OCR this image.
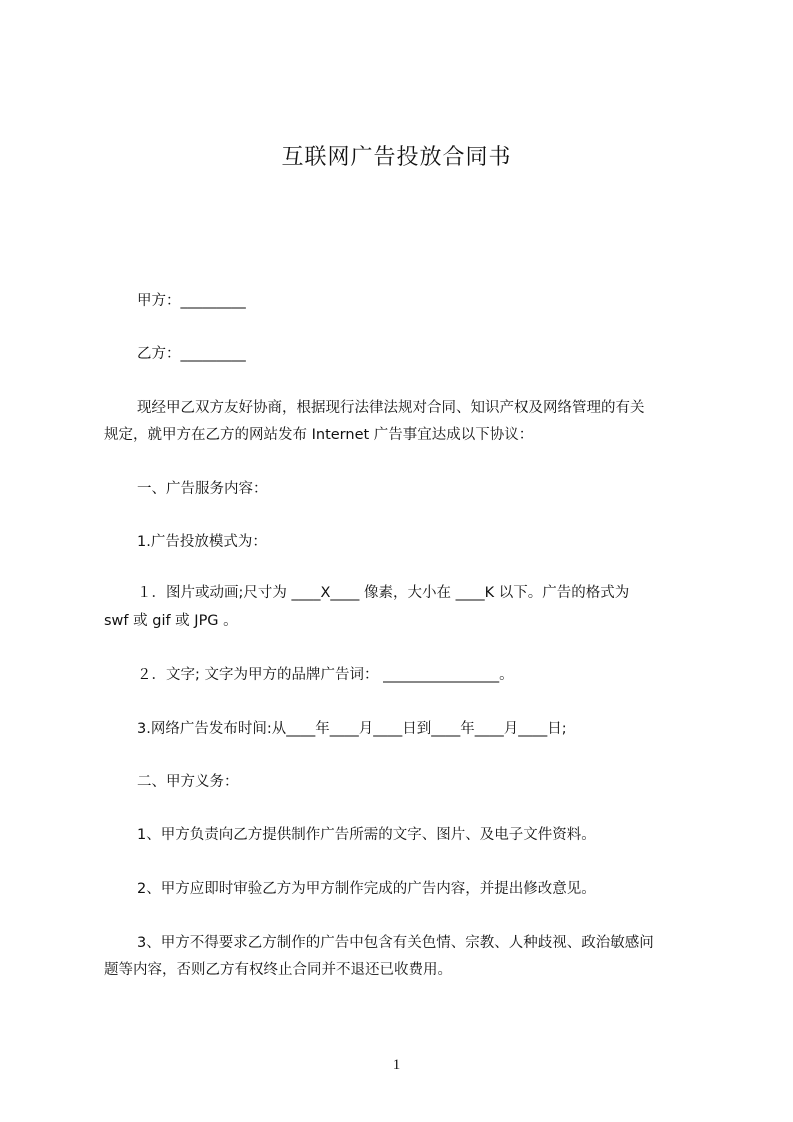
互联网广告投放合同书
甲方：_________
乙方：_________
现经甲乙双方友好协商，根据现行法律法规对合同、知识产权及网络管理的有关
规定，就甲方在乙方的网站发布 Internet 广告事宜达成以下协议：
一、广告服务内容：
1.广告投放模式为：
１．图片或动画;尺寸为 ____X____ 像素，大小在 ____K 以下。广告的格式为
swf 或 gif 或 JPG 。
２．文字; 文字为甲方的品牌广告词： ________________。
3.网络广告发布时间:从____年____月____日到____年____月____日;
二、甲方义务：
1、甲方负责向乙方提供制作广告所需的文字、图片、及电子文件资料。
2、甲方应即时审验乙方为甲方制作完成的广告内容，并提出修改意见。
3、甲方不得要求乙方制作的广告中包含有关色情、宗教、人种歧视、政治敏感问
题等内容，否则乙方有权终止合同并不退还已收费用。
1
